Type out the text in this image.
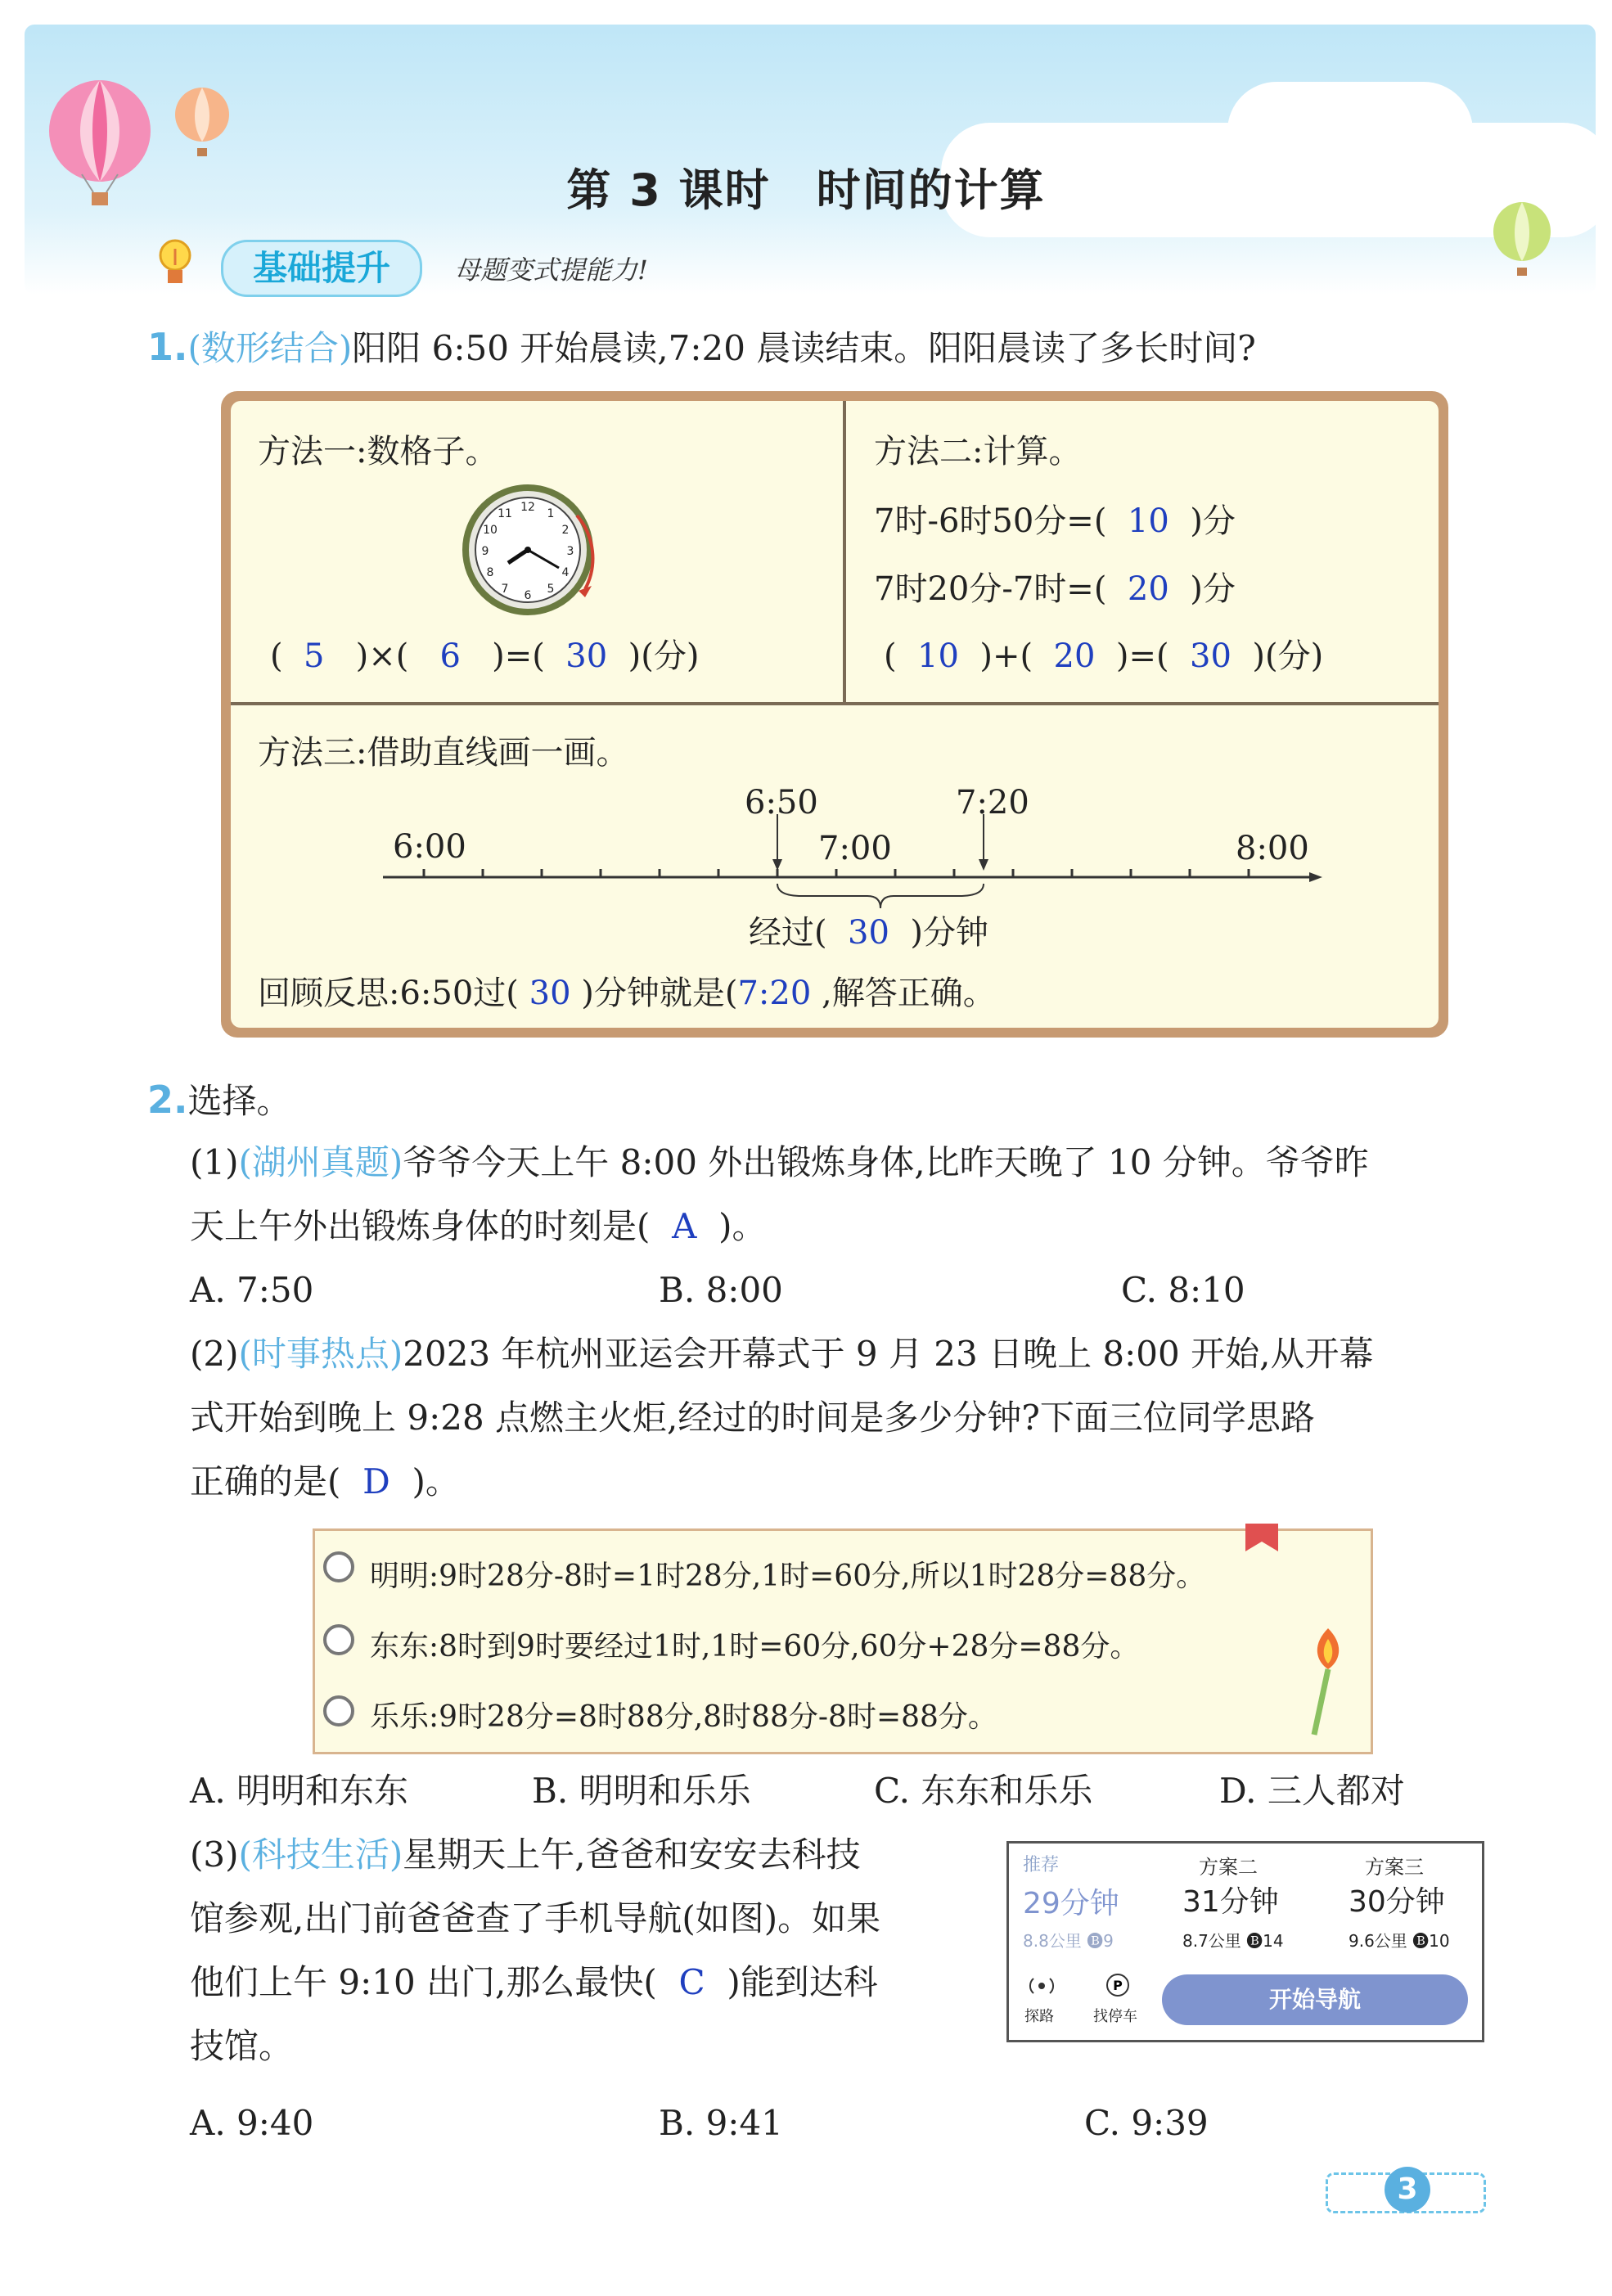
第 3 课时　时间的计算
基础提升	母题变式提能力!
1.(数形结合)阳阳 6:50 开始晨读,7:20 晨读结束。阳阳晨读了多长时间?
方法一:数格子。
12 1
2
3
4
5
6
7
8
9
10
11
(  5   )×(   6   )=(  30  )(分)
方法二:计算。
7时-6时50分=( 10 )分
7时20分-7时=( 20 )分
(  10  )+(  20  )=(  30  )(分)
方法三:借助直线画一画。
6:00
6:50
7:00
7:20
8:00
经过( 30 )分钟
回顾反思:6:50过( 30 )分钟就是(7:20 ,解答正确。
2.选择。
(1)(湖州真题)爷爷今天上午 8:00 外出锻炼身体,比昨天晚了 10 分钟。爷爷昨
天上午外出锻炼身体的时刻是( A )。
A. 7:50	B. 8:00	C. 8:10
(2)(时事热点)2023 年杭州亚运会开幕式于 9 月 23 日晚上 8:00 开始,从开幕
式开始到晚上 9:28 点燃主火炬,经过的时间是多少分钟?下面三位同学思路
正确的是( D )。
明明:9时28分-8时=1时28分,1时=60分,所以1时28分=88分。
东东:8时到9时要经过1时,1时=60分,60分+28分=88分。
乐乐:9时28分=8时88分,8时88分-8时=88分。
A. 明明和东东	B. 明明和乐乐	C. 东东和乐乐	D. 三人都对
(3)(科技生活)星期天上午,爸爸和安安去科技
馆参观,出门前爸爸查了手机导航(如图)。如果
他们上午 9:10 出门,那么最快( C )能到达科
技馆。
推荐
29分钟
8.8公里 🅑9
方案二
31分钟
8.7公里 🅑14
方案三
30分钟
9.6公里 🅑10
探路
P
找停车
开始导航
A. 9:40	B. 9:41	C. 9:39
3
